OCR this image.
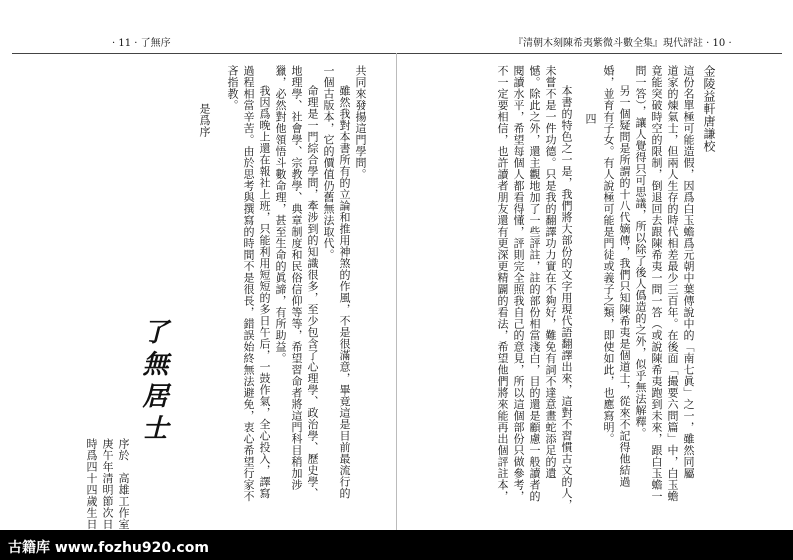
· 11 · 了無序	『清朝木刻陳希夷紫微斗數全集』現代評註 · 10 ·
金陵益軒唐謙校
這份名單極可能造假，因爲白玉蟾爲元朝中葉傳說中的「南七眞」之一，雖然同屬
道家的煉氣士，但兩人生存的時代相差最少三百年。在後面「撮要六問篇」中，白玉蟾
竟能突破時空的限制，倒退回去跟陳希夷一問一答（或說陳希夷跑到未來，跟白玉蟾一
問一答），讓人覺得只可思議，所以除了後人僞造的之外，似乎無法解釋。
另一個疑問是所謂的十八代嫡傳，我們只知陳希夷是個道士，從來不記得他結過
婚，並育有子女。有人說極可能是門徒或義子之類，即使如此，也應寫明。
四
本書的特色之一是，我們將大部份的文字用現代語翻譯出來，這對不習慣古文的人，
未嘗不是一件功德。只是我的翻譯功力實在不夠好，難免有詞不達意畫蛇添足的遺
憾。除此之外，還主觀地加了一些評註，註的部份相當淺白，目的還是顧慮一般讀者的
閱讀水平，希望每個人都看得懂，評則完全照我自己的意見，所以這個部份只做參考，
不一定要相信，也許讀者朋友還有更深更精闢的看法，希望他們將來能再出個評註本，
共同來發揚這門學問。
雖然我對本書所有的立論和推用神煞的作風，不是很滿意，畢竟這是目前最流行的
一個古版本，它的價值仍舊無法取代。
命理是一門綜合學問，牽涉到的知識很多，至少包含了心理學、政治學、歷史學、
地理學、社會學、宗教學、典章制度和民俗信仰等等，希望習命者將這門科目稍加涉
獵，必然對他領悟斗數命理，甚至生命的眞諦，有所助益。
我因爲晚上還在報社上班，只能利用短短的多日午后，一鼓作氣，全心投入，譯寫
過程相當辛苦。由於思考與撰寫的時間不是很長，錯誤始終無法避免，衷心希望行家不
吝指教。
是爲序
了無居士
序於　高雄工作室
庚午年清明節次日
時爲四十四歲生日
古籍库 www.fozhu920.com
